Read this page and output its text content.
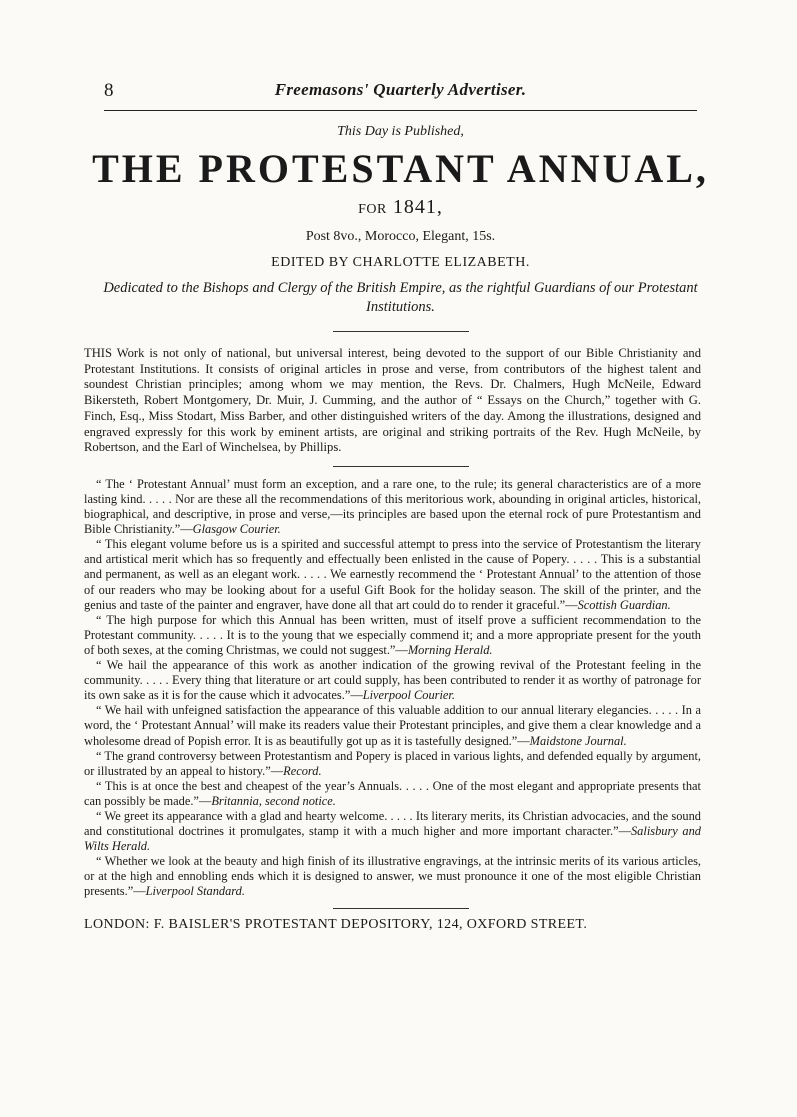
8	Freemasons' Quarterly Advertiser.
This Day is Published,
THE PROTESTANT ANNUAL,
FOR 1841,
Post 8vo., Morocco, Elegant, 15s.
EDITED BY CHARLOTTE ELIZABETH.
Dedicated to the Bishops and Clergy of the British Empire, as the rightful Guardians of our Protestant Institutions.

THIS Work is not only of national, but universal interest, being devoted to the support of our Bible Christianity and Protestant Institutions. It consists of original articles in prose and verse, from contributors of the highest talent and soundest Christian principles; among whom we may mention, the Revs. Dr. Chalmers, Hugh McNeile, Edward Bikersteth, Robert Montgomery, Dr. Muir, J. Cumming, and the author of “ Essays on the Church,” together with G. Finch, Esq., Miss Stodart, Miss Barber, and other distinguished writers of the day. Among the illustrations, designed and engraved expressly for this work by eminent artists, are original and striking portraits of the Rev. Hugh McNeile, by Robertson, and the Earl of Winchelsea, by Phillips.

“ The ‘ Protestant Annual’ must form an exception, and a rare one, to the rule; its general characteristics are of a more lasting kind. . . . . Nor are these all the recommendations of this meritorious work, abounding in original articles, historical, biographical, and descriptive, in prose and verse,—its principles are based upon the eternal rock of pure Protestantism and Bible Christianity.”—Glasgow Courier.

“ This elegant volume before us is a spirited and successful attempt to press into the service of Protestantism the literary and artistical merit which has so frequently and effectually been enlisted in the cause of Popery. . . . . This is a substantial and permanent, as well as an elegant work. . . . . We earnestly recommend the ‘ Protestant Annual’ to the attention of those of our readers who may be looking about for a useful Gift Book for the holiday season. The skill of the printer, and the genius and taste of the painter and engraver, have done all that art could do to render it graceful.”—Scottish Guardian.

“ The high purpose for which this Annual has been written, must of itself prove a sufficient recommendation to the Protestant community. . . . . It is to the young that we especially commend it; and a more appropriate present for the youth of both sexes, at the coming Christmas, we could not suggest.”—Morning Herald.

“ We hail the appearance of this work as another indication of the growing revival of the Protestant feeling in the community. . . . . Every thing that literature or art could supply, has been contributed to render it as worthy of patronage for its own sake as it is for the cause which it advocates.”—Liverpool Courier.

“ We hail with unfeigned satisfaction the appearance of this valuable addition to our annual literary elegancies. . . . . In a word, the ‘ Protestant Annual’ will make its readers value their Protestant principles, and give them a clear knowledge and a wholesome dread of Popish error. It is as beautifully got up as it is tastefully designed.”—Maidstone Journal.

“ The grand controversy between Protestantism and Popery is placed in various lights, and defended equally by argument, or illustrated by an appeal to history.”—Record.

“ This is at once the best and cheapest of the year’s Annuals. . . . . One of the most elegant and appropriate presents that can possibly be made.”—Britannia, second notice.

“ We greet its appearance with a glad and hearty welcome. . . . . Its literary merits, its Christian advocacies, and the sound and constitutional doctrines it promulgates, stamp it with a much higher and more important character.”—Salisbury and Wilts Herald.

“ Whether we look at the beauty and high finish of its illustrative engravings, at the intrinsic merits of its various articles, or at the high and ennobling ends which it is designed to answer, we must pronounce it one of the most eligible Christian presents.”—Liverpool Standard.

LONDON: F. BAISLER'S PROTESTANT DEPOSITORY, 124, OXFORD STREET.
